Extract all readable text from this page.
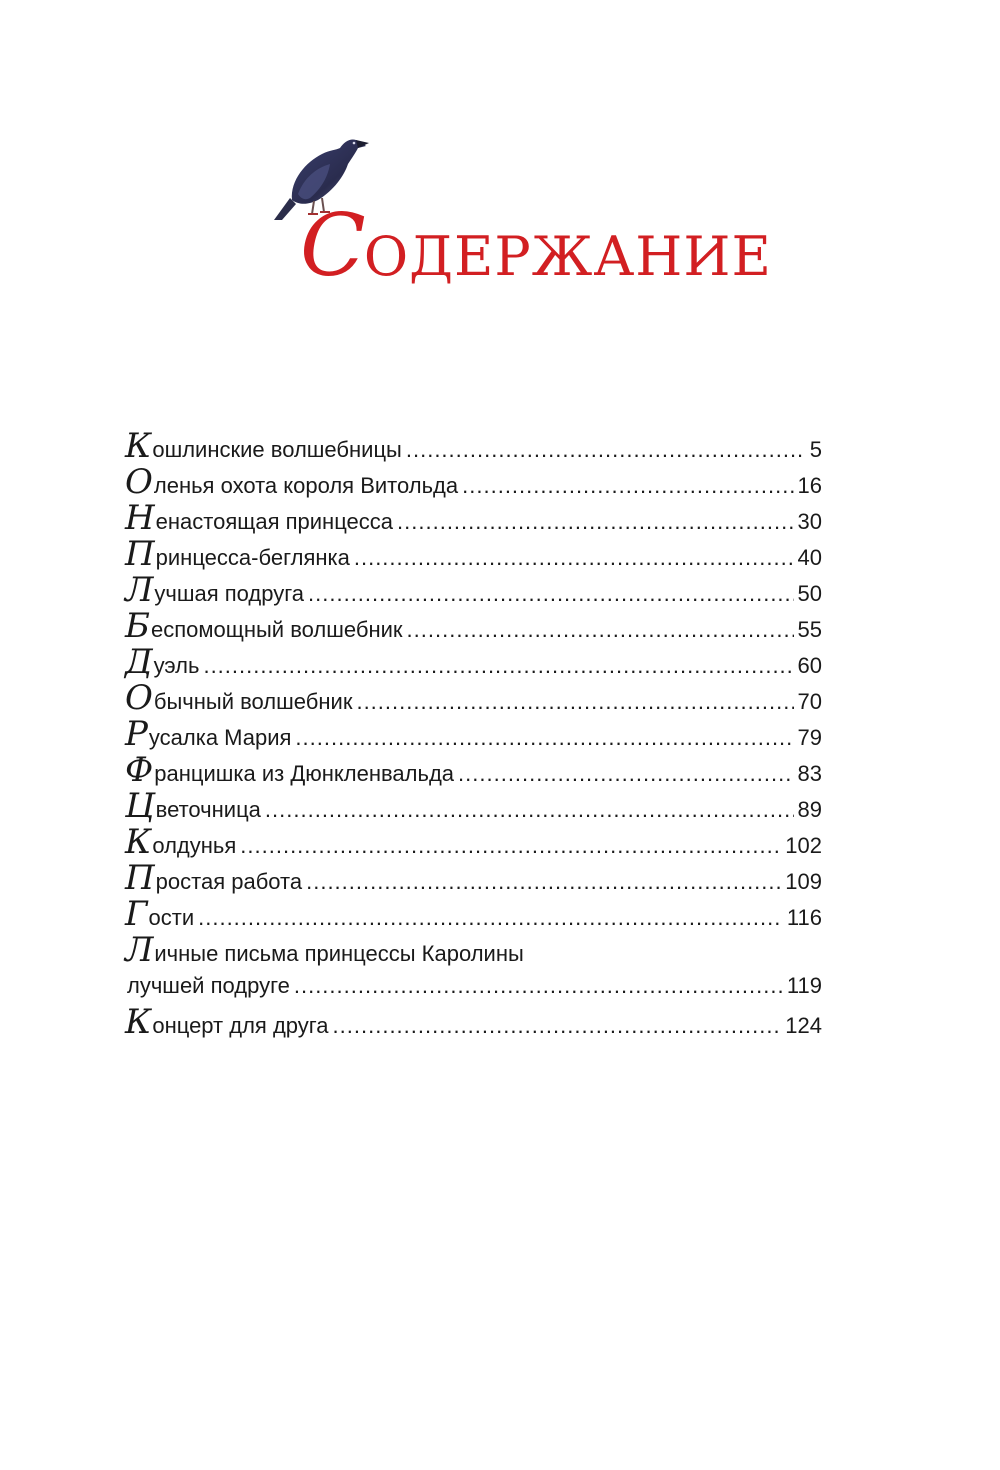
СОДЕРЖАНИЕ
К ошлинские волшебницы .....	5
О ленья охота короля Витольда .....	16
Н енастоящая принцесса .....	30
П ринцесса-беглянка .....	40
Л учшая подруга .....	50
Б еспомощный волшебник .....	55
Д уэль .....	60
О бычный волшебник .....	70
Р усалка Мария .....	79
Ф ранцишка из Дюнкленвальда .....	83
Ц веточница .....	89
К олдунья .....	102
П ростая работа .....	109
Г ости .....	116
Л ичные письма принцессы Каролины
лучшей подруге .....	119
К онцерт для друга .....	124
